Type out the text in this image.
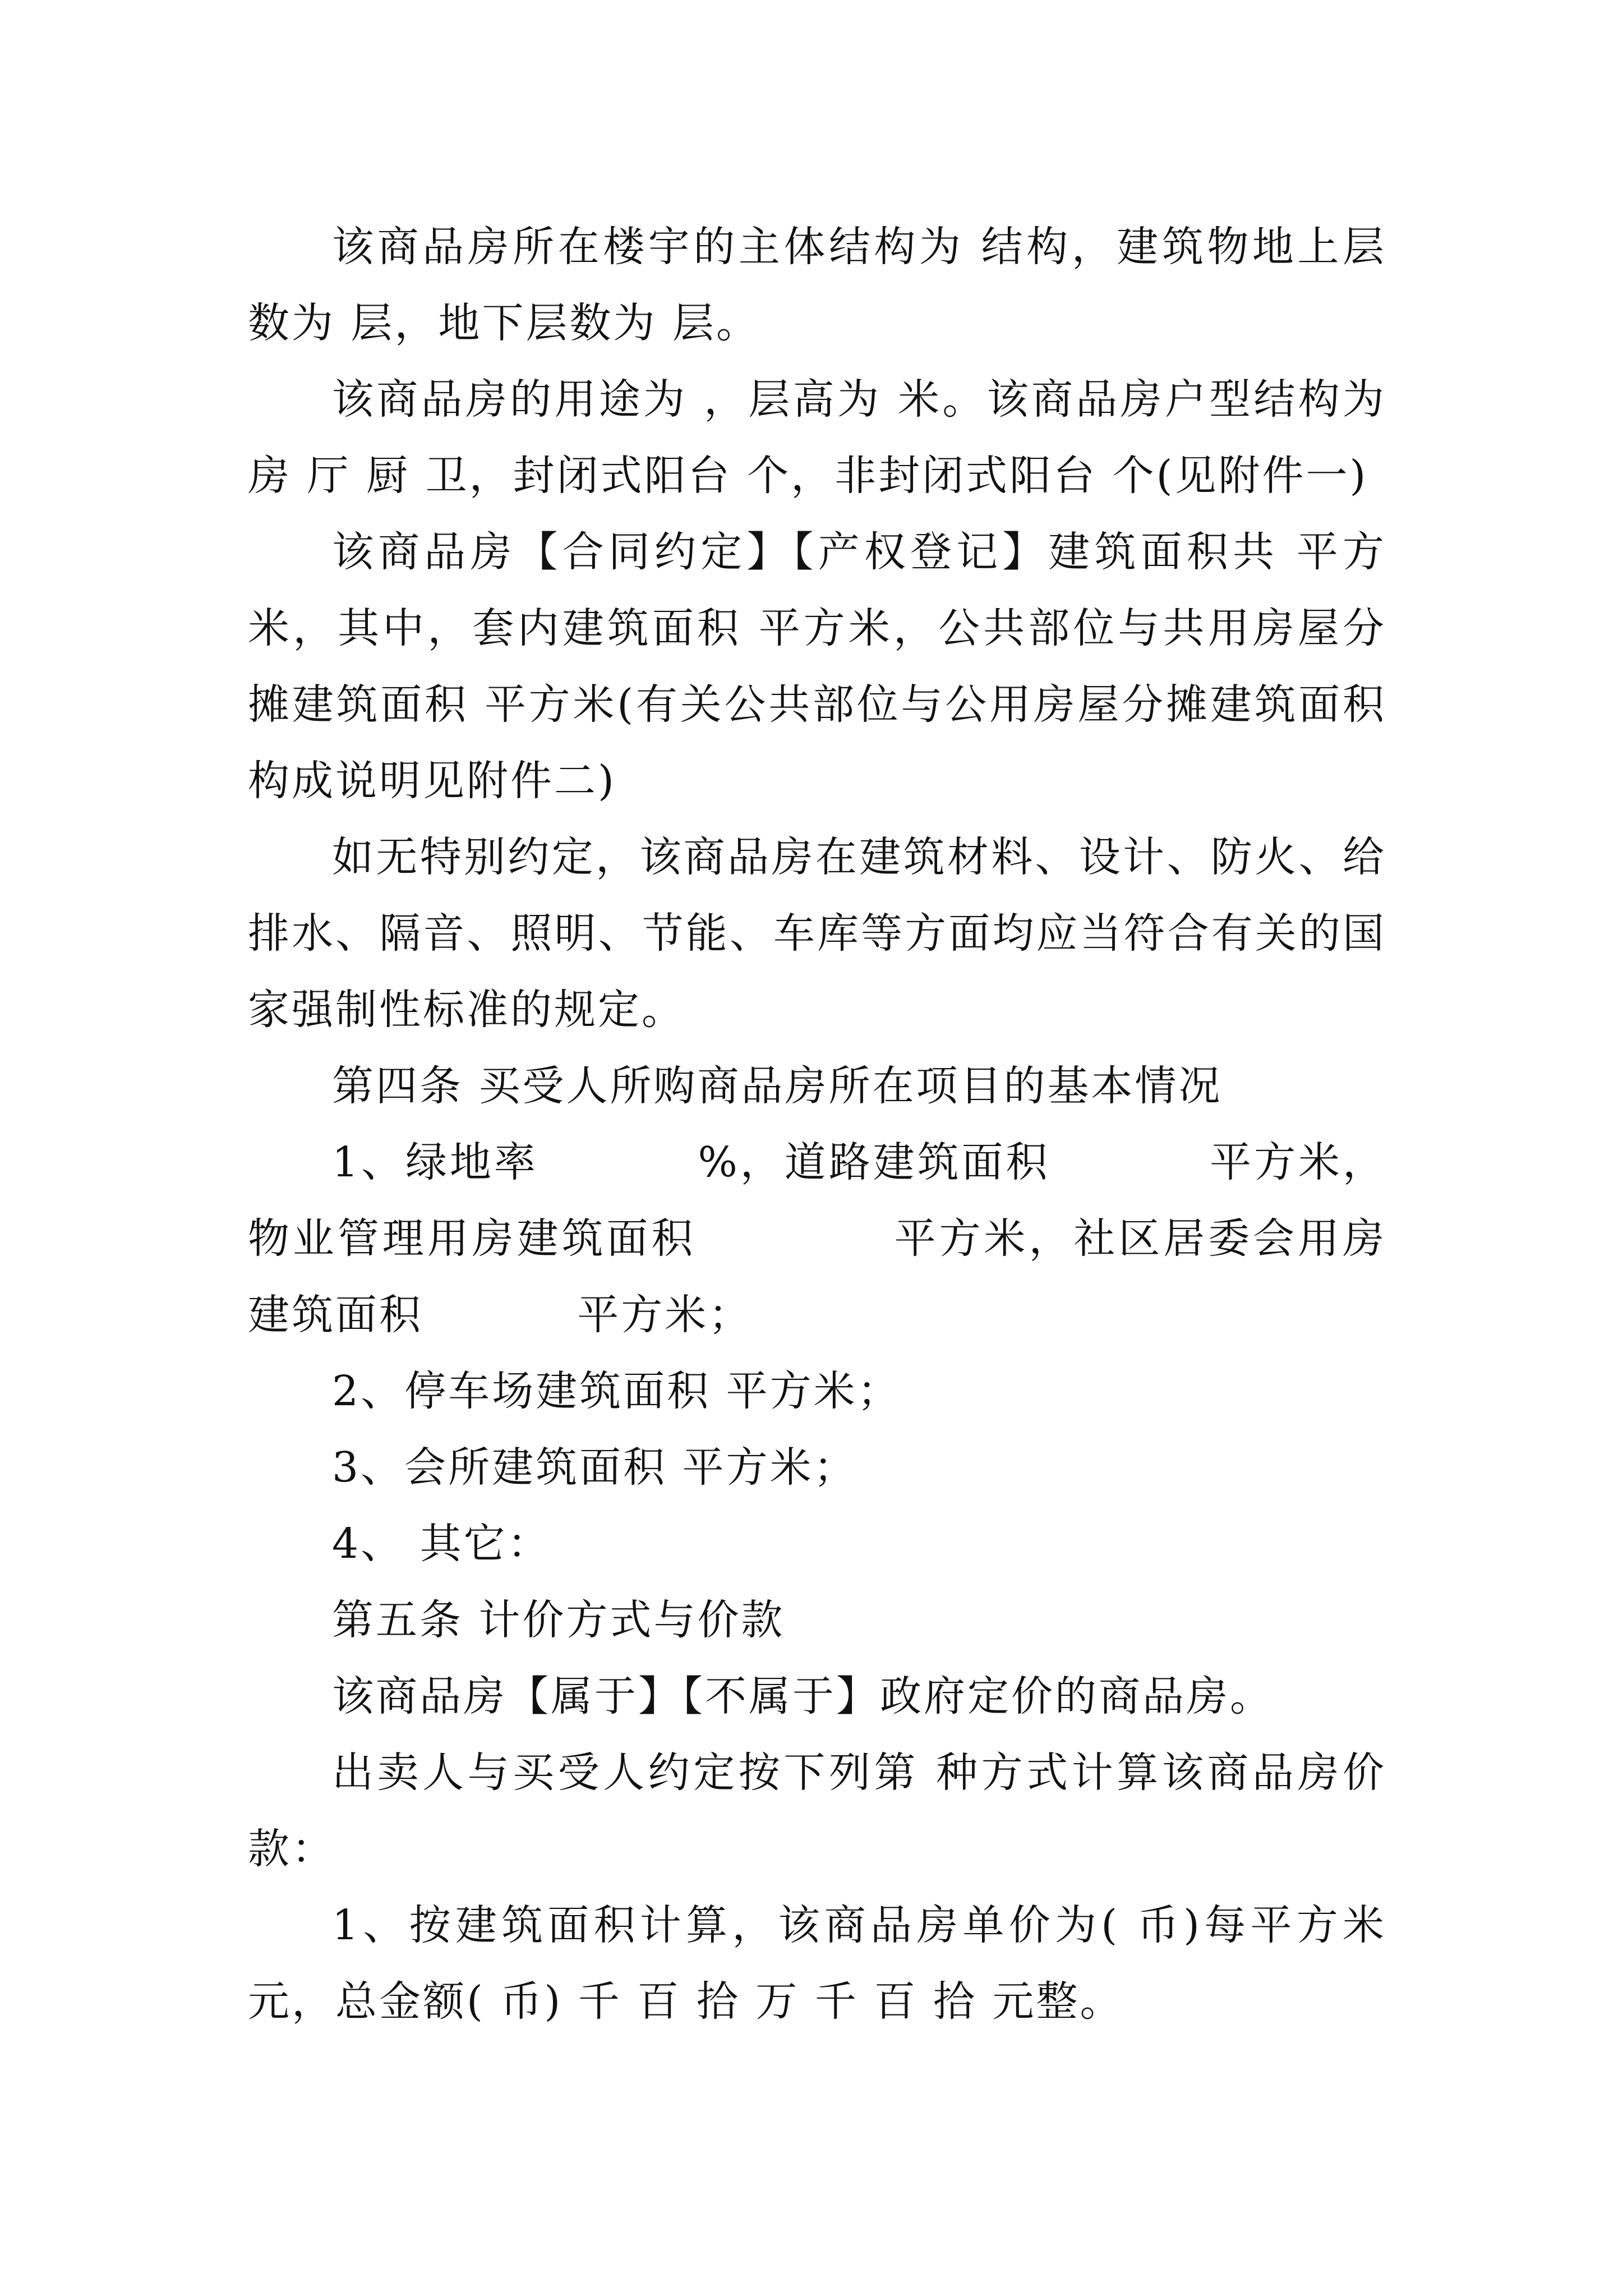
该商品房所在楼宇的主体结构为 结构，建筑物地上层数为 层，地下层数为 层。

该商品房的用途为 ，层高为 米。该商品房户型结构为房 厅 厨 卫，封闭式阳台 个，非封闭式阳台 个(见附件一)

该商品房【合同约定】【产权登记】建筑面积共 平方米，其中，套内建筑面积 平方米，公共部位与共用房屋分摊建筑面积 平方米(有关公共部位与公用房屋分摊建筑面积构成说明见附件二)

如无特别约定，该商品房在建筑材料、设计、防火、给排水、隔音、照明、节能、车库等方面均应当符合有关的国家强制性标准的规定。

第四条 买受人所购商品房所在项目的基本情况

1、绿地率          %，道路建筑面积          平方米，物业管理用房建筑面积            平方米，社区居委会用房建筑面积          平方米；

2、停车场建筑面积 平方米；

3、会所建筑面积 平方米；

4、 其它：

第五条 计价方式与价款

该商品房【属于】【不属于】政府定价的商品房。

出卖人与买受人约定按下列第 种方式计算该商品房价款：

1、按建筑面积计算，该商品房单价为( 币)每平方米 元，总金额( 币) 千 百 拾 万 千 百 拾 元整。
